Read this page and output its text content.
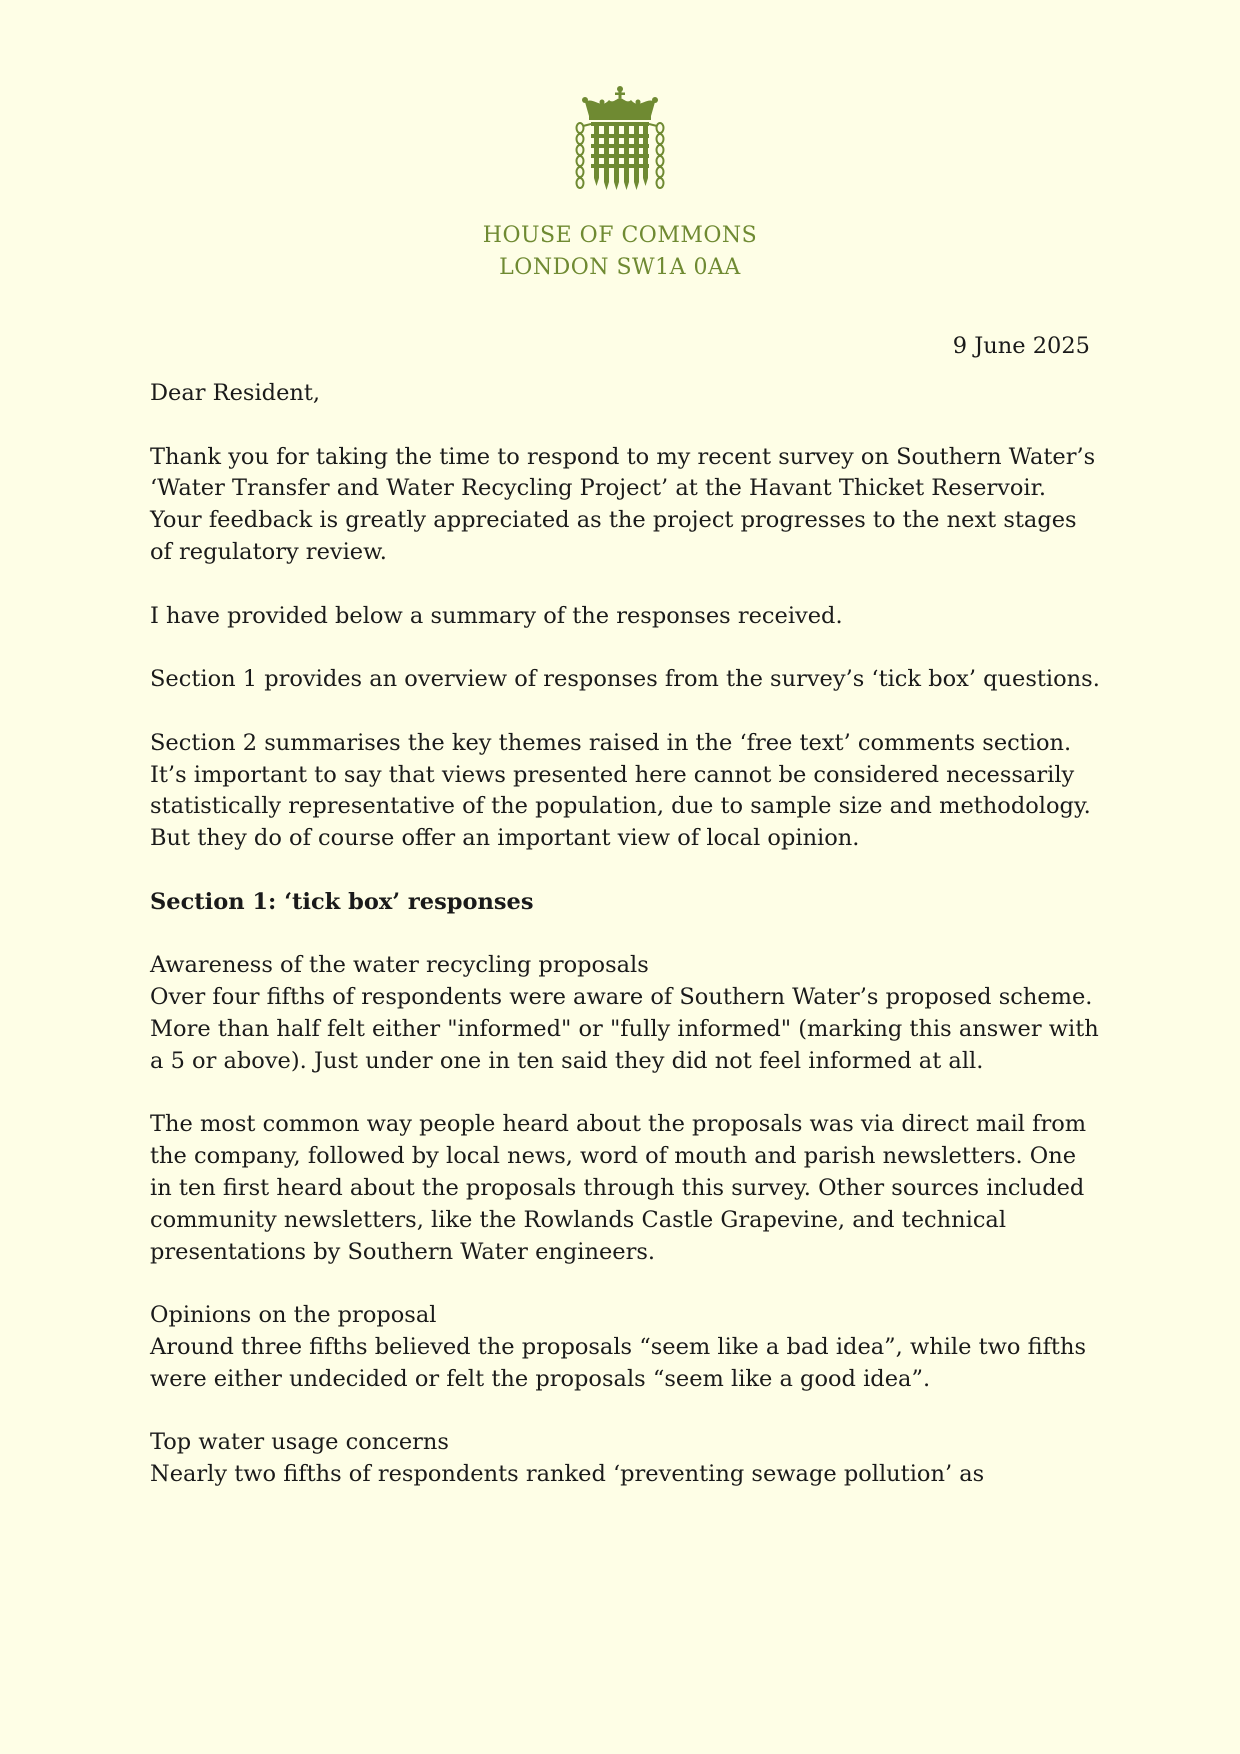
HOUSE OF COMMONS
LONDON SW1A 0AA
9 June 2025

Dear Resident,

Thank you for taking the time to respond to my recent survey on Southern Water’s ‘Water Transfer and Water Recycling Project’ at the Havant Thicket Reservoir. Your feedback is greatly appreciated as the project progresses to the next stages of regulatory review.

I have provided below a summary of the responses received.

Section 1 provides an overview of responses from the survey’s ‘tick box’ questions.

Section 2 summarises the key themes raised in the ‘free text’ comments section. It’s important to say that views presented here cannot be considered necessarily statistically representative of the population, due to sample size and methodology. But they do of course offer an important view of local opinion.

Section 1: ‘tick box’ responses

Awareness of the water recycling proposals
Over four fifths of respondents were aware of Southern Water’s proposed scheme. More than half felt either "informed" or "fully informed" (marking this answer with a 5 or above). Just under one in ten said they did not feel informed at all.

The most common way people heard about the proposals was via direct mail from the company, followed by local news, word of mouth and parish newsletters. One in ten first heard about the proposals through this survey. Other sources included community newsletters, like the Rowlands Castle Grapevine, and technical presentations by Southern Water engineers.

Opinions on the proposal
Around three fifths believed the proposals “seem like a bad idea”, while two fifths were either undecided or felt the proposals “seem like a good idea”.

Top water usage concerns
Nearly two fifths of respondents ranked ‘preventing sewage pollution’ as
